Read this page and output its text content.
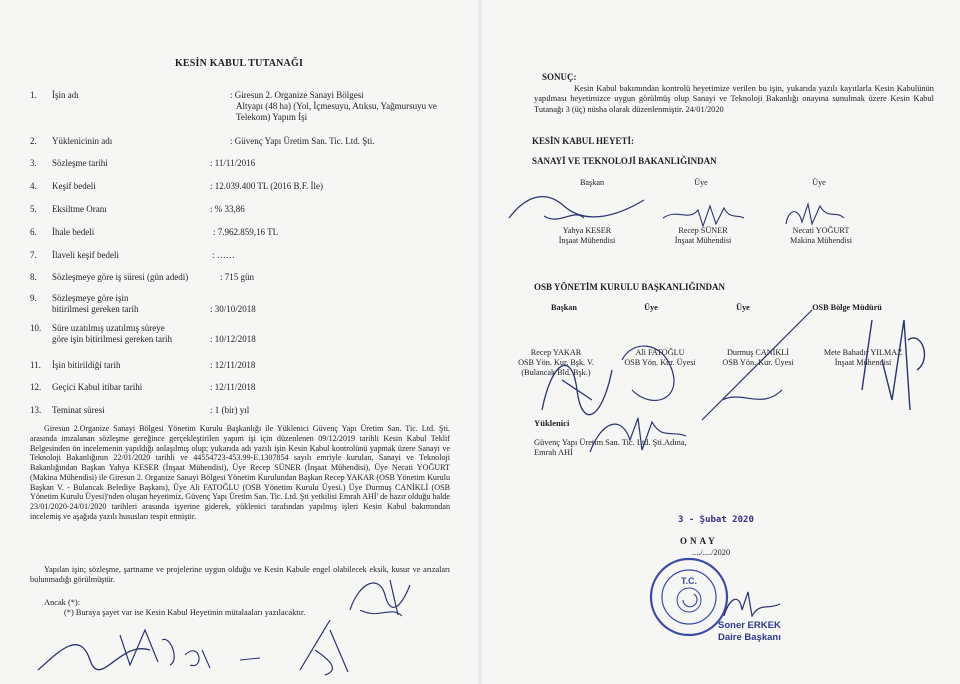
KESİN KABUL TUTANAĞI
1.	İşin adı	: Giresun 2. Organize Sanayi Bölgesi
Altyapı (48 ha) (Yol, İçmesuyu, Atıksu, Yağmursuyu ve
Telekom) Yapım İşi
2.	Yüklenicinin adı	: Güvenç Yapı Üretim San. Tic. Ltd. Şti.
3.	Sözleşme tarihi	: 11/11/2016
4.	Keşif bedeli	: 12.039.400 TL (2016 B.F. İle)
5.	Eksiltme Oranı	: % 33,86
6.	İhale bedeli	: 7.962.859,16 TL
7.	İlaveli keşif bedeli	: ……
8.	Sözleşmeye göre iş süresi (gün adedi)	: 715 gün
9.	Sözleşmeye göre işin
bitirilmesi gereken tarih	: 30/10/2018
10.	Süre uzatılmış uzatılmış süreye
göre işin bitirilmesi gereken tarih	: 10/12/2018
11.	İşin bitirildiği tarih	: 12/11/2018
12.	Geçici Kabul itibar tarihi	: 12/11/2018
13.	Teminat süresi	: 1 (bir) yıl
Giresun 2.Organize Sanayi Bölgesi Yönetim Kurulu Başkanlığı ile Yüklenici Güvenç Yapı Üretim San. Tic. Ltd. Şti. arasında imzalanan sözleşme gereğince gerçekleştirilen yapım işi için düzenlenen 09/12/2019 tarihli Kesin Kabul Teklif Belgesinden ön incelemenin yapıldığı anlaşılmış olup; yukarıda adı yazılı işin Kesin Kabul kontrolünü yapmak üzere Sanayi ve Teknoloji Bakanlığının 22/01/2020 tarihli ve 44554723-453.99-E.1307854 sayılı emriyle kurulan, Sanayi ve Teknoloji Bakanlığından Başkan Yahya KESER (İnşaat Mühendisi), Üye Recep SÜNER (İnşaat Mühendisi), Üye Necati YOĞURT (Makina Mühendisi) ile Giresun 2. Organize Sanayi Bölgesi Yönetim Kurulundan Başkan Recep YAKAR (OSB Yönetim Kurulu Başkan V. - Bulancak Belediye Başkanı), Üye Ali FATOĞLU (OSB Yönetim Kurulu Üyesi.) Üye Durmuş CANİKLİ (OSB Yönetim Kurulu Üyesi)'nden oluşan heyetimiz, Güvenç Yapı Üretim San. Tic. Ltd. Şti yetkilisi Emrah AHİ' de hazır olduğu halde 23/01/2020-24/01/2020 tarihleri arasında işyerine giderek, yüklenici tarafından yapılmış işleri Kesin Kabul bakımından incelemiş ve aşağıda yazılı hususları tespit etmiştir.
Yapılan işin; sözleşme, şartname ve projelerine uygun olduğu ve Kesin Kabule engel olabilecek eksik, kusur ve arızaları bulunmadığı görülmüştür.
Ancak (*):
(*) Buraya şayet var ise Kesin Kabul Heyetinin mütalaaları yazılacaktır.
SONUÇ:
Kesin Kabul bakımından kontrolü heyetimize verilen bu işin, yukarıda yazılı kayıtlarla Kesin Kabulünün yapılması heyetimizce uygun görülmüş olup Sanayi ve Teknoloji Bakanlığı onayına sunulmak üzere Kesin Kabul Tutanağı 3 (üç) nüsha olarak düzenlenmiştir. 24/01/2020
KESİN KABUL HEYETİ:
SANAYİ VE TEKNOLOJİ BAKANLIĞINDAN
Başkan	Üye	Üye
Yahya KESER
İnşaat Mühendisi
Recep SÜNER
İnşaat Mühendisi
Necati YOĞURT
Makina Mühendisi
OSB YÖNETİM KURULU BAŞKANLIĞINDAN
Başkan	Üye	Üye	OSB Bölge Müdürü
Recep YAKAR
OSB Yön. Kur. Bşk. V.
(Bulancak Bld. Bşk.)
Ali FATOĞLU
OSB Yön. Kur. Üyesi
Durmuş CANİKLİ
OSB Yön. Kur. Üyesi
Mete Bahadır YILMAZ
İnşaat Mühendisi
Yüklenici
Güvenç Yapı Üretim San. Tic. Ltd. Şti.Adına,
Emrah AHİ
3 - Şubat 2020
ONAY
..../..../2020
T.C.
Soner ERKEK
Daire Başkanı
